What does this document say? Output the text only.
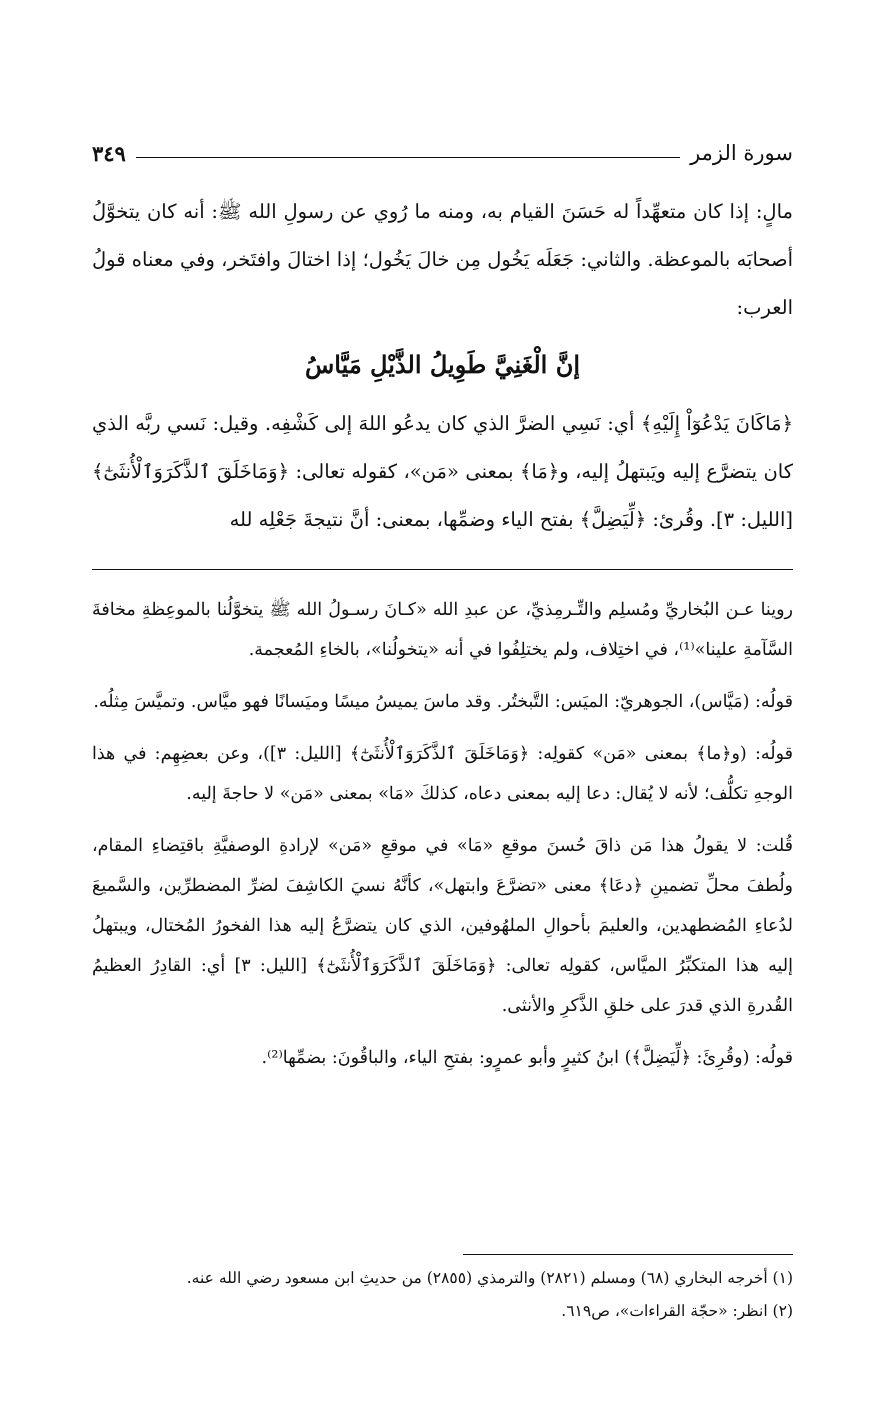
سورة الزمر
٣٤٩

مالٍ: إذا كان متعهِّداً له حَسَنَ القيام به، ومنه ما رُوي عن رسولِ الله ﷺ: أنه كان يتخوَّلُ أصحابَه بالموعظة. والثاني: جَعَلَه يَخُول مِن خالَ يَخُول؛ إذا اختالَ وافتَخر، وفي معناه قولُ العرب:

إنَّ الْغَنِيَّ طَوِيلُ الذَّيْلِ مَيَّاسُ

﴿مَاكَانَ يَدْعُوٓاْ إِلَيْهِ﴾ أي: نَسِي الضرَّ الذي كان يدعُو اللهَ إلى كَشْفِه. وقيل: نَسي ربَّه الذي كان يتضرَّع إليه ويَبتهلُ إليه، و﴿مَا﴾ بمعنى «مَن»، كقوله تعالى: ﴿وَمَاخَلَقَ ٱلذَّكَرَوَٱلْأُنثَىٰٓ﴾ [الليل: ٣]. وقُرئ: ﴿لِّيَضِلَّ﴾ بفتح الياء وضمِّها، بمعنى: أنَّ نتيجةَ جَعْلِه لله

روينا عـن البُخاريِّ ومُسلِم والتِّـرمِذيِّ، عن عبدِ الله «كـانَ رسـولُ الله ﷺ يتخوَّلُنا بالموعِظةِ مخافةَ السَّآمةِ علينا»⁽¹⁾، في اختِلاف، ولم يختلِفُوا في أنه «يتخولُنا»، بالخاءِ المُعجمة.

قولُه: (مَيَّاس)، الجوهريّ: الميَس: التَّبختُر. وقد ماسَ يميسُ ميسًا وميَسانًا فهو ميَّاس. وتميَّسَ مِثلُه.

قولُه: (و﴿ما﴾ بمعنى «مَن» كقولِه: ﴿وَمَاخَلَقَ ٱلذَّكَرَوَٱلْأُنثَىٰٓ﴾ [الليل: ٣])، وعن بعضِهِم: في هذا الوجهِ تكلُّف؛ لأنه لا يُقال: دعا إليه بمعنى دعاه، كذلكَ «مَا» بمعنى «مَن» لا حاجةَ إليه.

قُلت: لا يقولُ هذا مَن ذاقَ حُسنَ موقعِ «مَا» في موقعِ «مَن» لإرادةِ الوصفيَّةِ باقتِضاءِ المقام، ولُطفَ محلِّ تضمينِ ﴿دعَا﴾ معنى «تضرَّعَ وابتهل»، كأنَّهُ نسيَ الكاشِفَ لضرِّ المضطرِّين، والسَّميعَ لدُعاءِ المُضطهدين، والعليمَ بأحوالِ الملهُوفين، الذي كان يتضرَّعُ إليه هذا الفخورُ المُختال، ويبتهلُ إليه هذا المتكبِّرُ الميَّاس، كقولِه تعالى: ﴿وَمَاخَلَقَ ٱلذَّكَرَوَٱلْأُنثَىٰٓ﴾ [الليل: ٣] أي: القادِرُ العظيمُ القُدرةِ الذي قدرَ على خلقِ الذَّكرِ والأنثى.

قولُه: (وقُرِئَ: ﴿لِّيَضِلَّ﴾) ابنُ كثيرٍ وأبو عمرٍو: بفتحِ الياء، والباقُونَ: بضمِّها⁽²⁾.

(١) أخرجه البخاري (٦٨) ومسلم (٢٨٢١) والترمذي (٢٨٥٥) من حديثِ ابن مسعود رضي الله عنه.

(٢) انظر: «حجّة القراءات»، ص٦١٩.
